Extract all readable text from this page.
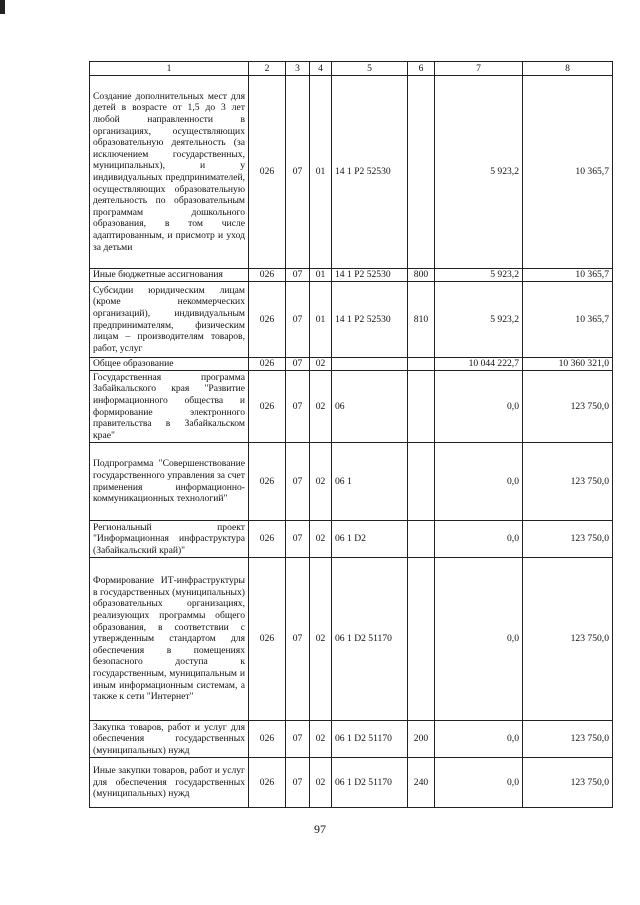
1	2	3	4	5	6	7	8
Создание дополнительных мест для детей в возрасте от 1,5 до 3 лет любой направленности в организациях, осуществляющих образовательную деятельность (за исключением государственных, муниципальных), и у индивидуальных предпринимателей, осуществляющих образовательную деятельность по образовательным программам дошкольного образования, в том числе адаптированным, и присмотр и уход за детьми	026	07	01	14 1 P2 52530		5 923,2	10 365,7
Иные бюджетные ассигнования	026	07	01	14 1 P2 52530	800	5 923,2	10 365,7
Субсидии юридическим лицам (кроме некоммерческих организаций), индивидуальным предпринимателям, физическим лицам – производителям товаров, работ, услуг	026	07	01	14 1 P2 52530	810	5 923,2	10 365,7
Общее образование	026	07	02			10 044 222,7	10 360 321,0
Государственная программа Забайкальского края "Развитие информационного общества и формирование электронного правительства в Забайкальском крае"	026	07	02	06		0,0	123 750,0
Подпрограмма "Совершенствование государственного управления за счет применения информационно-коммуникационных технологий"	026	07	02	06 1		0,0	123 750,0
Региональный проект "Информационная инфраструктура (Забайкальский край)"	026	07	02	06 1 D2		0,0	123 750,0
Формирование ИТ-инфраструктуры в государственных (муниципальных) образовательных организациях, реализующих программы общего образования, в соответствии с утвержденным стандартом для обеспечения в помещениях безопасного доступа к государственным, муниципальным и иным информационным системам, а также к сети "Интернет"	026	07	02	06 1 D2 51170		0,0	123 750,0
Закупка товаров, работ и услуг для обеспечения государственных (муниципальных) нужд	026	07	02	06 1 D2 51170	200	0,0	123 750,0
Иные закупки товаров, работ и услуг для обеспечения государственных (муниципальных) нужд	026	07	02	06 1 D2 51170	240	0,0	123 750,0
97
